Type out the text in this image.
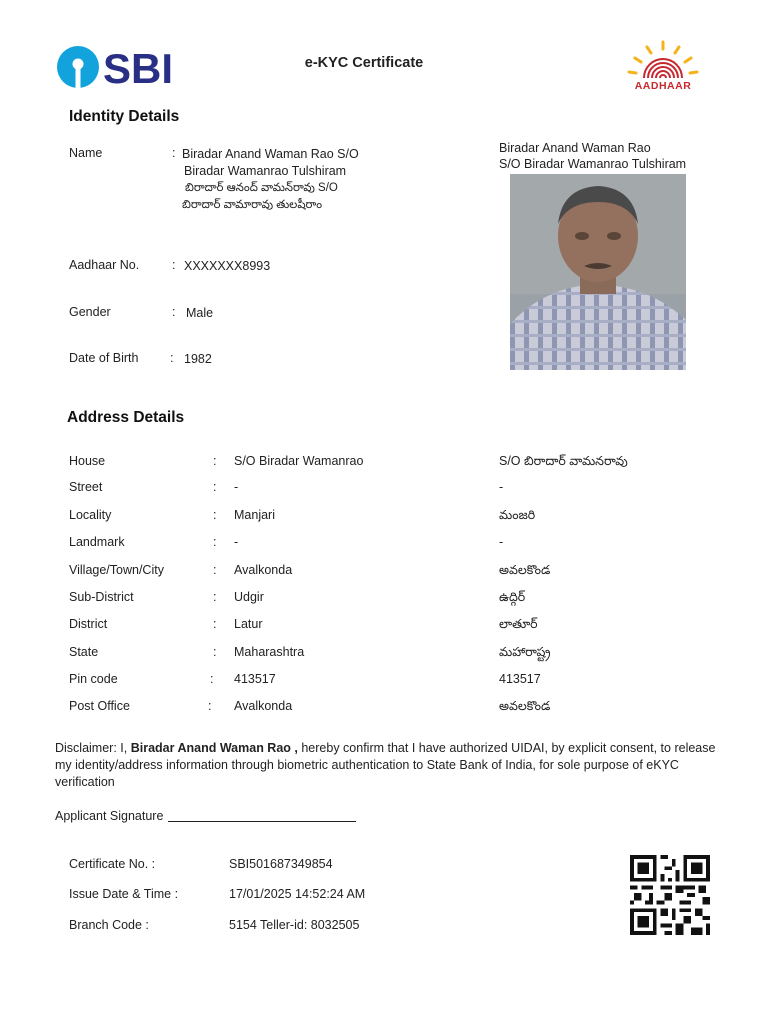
SBI	e-KYC Certificate
AADHAAR
Identity Details
Name	: Biradar Anand Waman Rao S/O
Biradar Wamanrao Tulshiram
బిరాదార్ ఆనంద్ వామన్‌రావు S/O
బిరాదార్ వామారావు తులషీరాం
Aadhaar No.	: XXXXXXX8993
Gender	: Male
Date of Birth	: 1982
Biradar Anand Waman Rao
S/O Biradar Wamanrao Tulshiram
Address Details
House	: S/O Biradar Wamanrao	S/O బిరాదార్ వామనరావు
Street	: -	-
Locality	: Manjari	మంజరి
Landmark	: -	-
Village/Town/City	: Avalkonda	అవలకొండ
Sub-District	: Udgir	ఉద్గిర్
District	: Latur	లాతూర్
State	: Maharashtra	మహారాష్ట్ర
Pin code	: 413517	413517
Post Office	: Avalkonda	అవలకొండ
Disclaimer: I, Biradar Anand Waman Rao , hereby confirm that I have authorized UIDAI, by explicit consent, to release my identity/address information through biometric authentication to State Bank of India, for sole purpose of eKYC verification
Applicant Signature
Certificate No. :	SBI501687349854
Issue Date & Time :	17/01/2025 14:52:24 AM
Branch Code :	5154 Teller-id: 8032505
